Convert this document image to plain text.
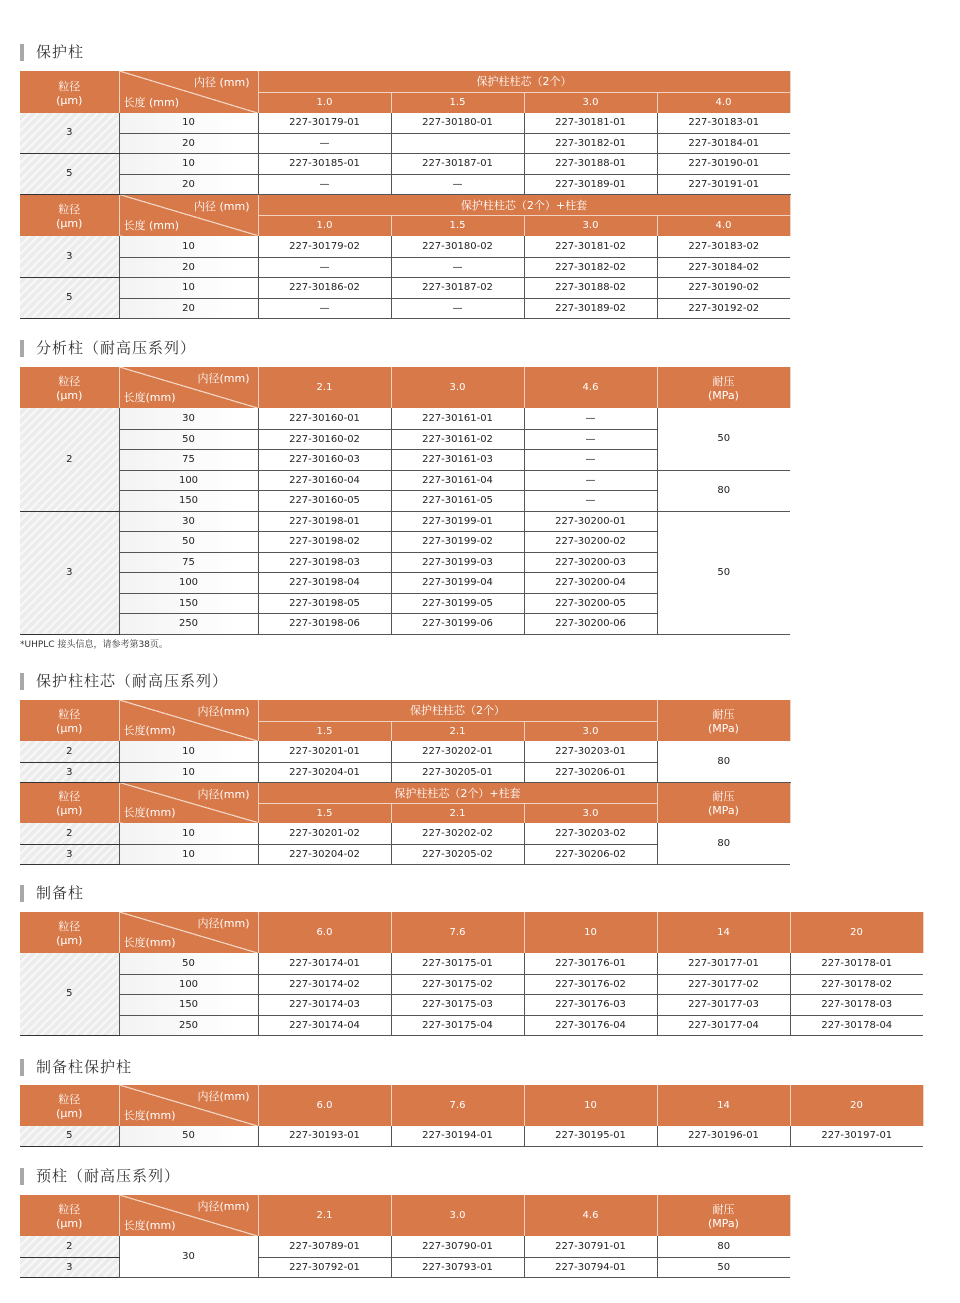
保护柱
粒径
(μm)	内径 (mm)
长度 (mm)	保护柱柱芯（2个）			
		1.0	1.5	3.0	4.0
3	10	227-30179-01	227-30180-01	227-30181-01	227-30183-01
	20	—		227-30182-01	227-30184-01
5	10	227-30185-01	227-30187-01	227-30188-01	227-30190-01
	20	—	—	227-30189-01	227-30191-01
粒径
(μm)	内径 (mm)
长度 (mm)	保护柱柱芯（2个）+柱套			
		1.0	1.5	3.0	4.0
3	10	227-30179-02	227-30180-02	227-30181-02	227-30183-02
	20	—	—	227-30182-02	227-30184-02
5	10	227-30186-02	227-30187-02	227-30188-02	227-30190-02
	20	—	—	227-30189-02	227-30192-02
分析柱（耐高压系列）
粒径
(μm)	内径(mm)
长度(mm)	2.1	3.0	4.6	耐压
(MPa)
2	30	227-30160-01	227-30161-01	—	50
	50	227-30160-02	227-30161-02	—	
	75	227-30160-03	227-30161-03	—	
	100	227-30160-04	227-30161-04	—	80
	150	227-30160-05	227-30161-05	—	
3	30	227-30198-01	227-30199-01	227-30200-01	50
	50	227-30198-02	227-30199-02	227-30200-02	
	75	227-30198-03	227-30199-03	227-30200-03	
	100	227-30198-04	227-30199-04	227-30200-04	
	150	227-30198-05	227-30199-05	227-30200-05	
	250	227-30198-06	227-30199-06	227-30200-06	
*UHPLC 接头信息，请参考第38页。
保护柱柱芯（耐高压系列）
粒径
(μm)	内径(mm)
长度(mm)	保护柱柱芯（2个）			耐压
(MPa)
		1.5	2.1	3.0	
2	10	227-30201-01	227-30202-01	227-30203-01	80
3	10	227-30204-01	227-30205-01	227-30206-01	
粒径
(μm)	内径(mm)
长度(mm)	保护柱柱芯（2个）+柱套			耐压
(MPa)
		1.5	2.1	3.0	
2	10	227-30201-02	227-30202-02	227-30203-02	80
3	10	227-30204-02	227-30205-02	227-30206-02	
制备柱
粒径
(μm)	内径(mm)
长度(mm)	6.0	7.6	10	14	20
5	50	227-30174-01	227-30175-01	227-30176-01	227-30177-01	227-30178-01
	100	227-30174-02	227-30175-02	227-30176-02	227-30177-02	227-30178-02
	150	227-30174-03	227-30175-03	227-30176-03	227-30177-03	227-30178-03
	250	227-30174-04	227-30175-04	227-30176-04	227-30177-04	227-30178-04
制备柱保护柱
粒径
(μm)	内径(mm)
长度(mm)	6.0	7.6	10	14	20
5	50	227-30193-01	227-30194-01	227-30195-01	227-30196-01	227-30197-01
预柱（耐高压系列）
粒径
(μm)	内径(mm)
长度(mm)	2.1	3.0	4.6	耐压
(MPa)
2	30	227-30789-01	227-30790-01	227-30791-01	80
3		227-30792-01	227-30793-01	227-30794-01	50
